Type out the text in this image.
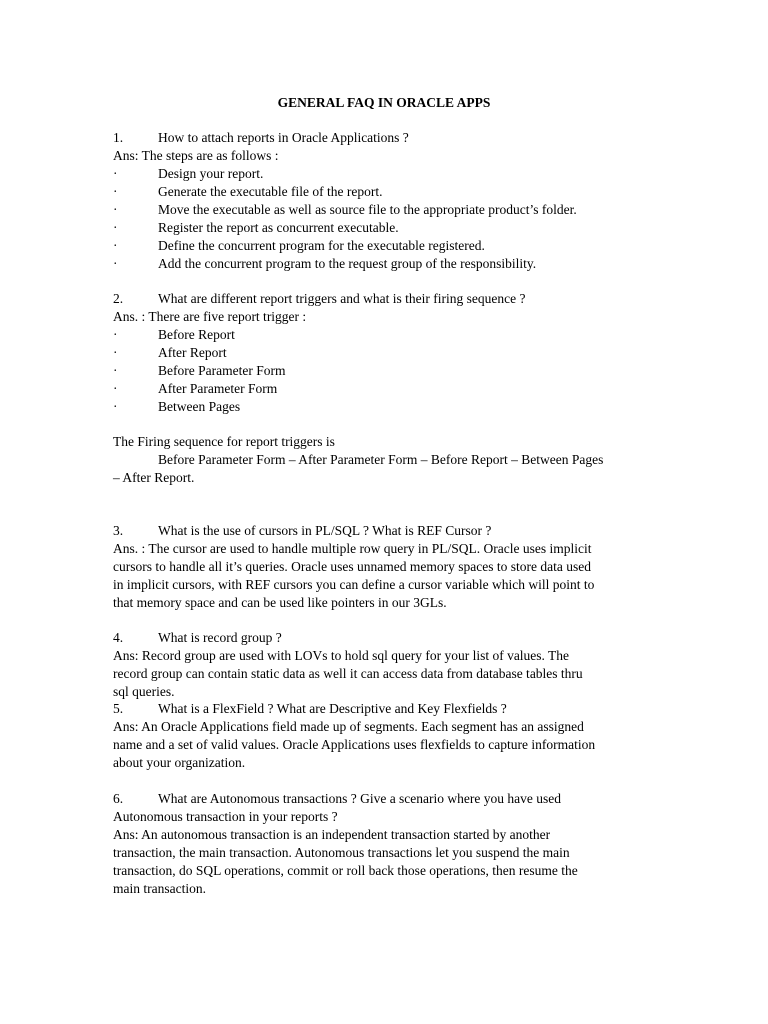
GENERAL FAQ IN ORACLE APPS
1.	How to attach reports in Oracle Applications ?
Ans: The steps are as follows :
·	Design your report.
·	Generate the executable file of the report.
·	Move the executable as well as source file to the appropriate product’s folder.
·	Register the report as concurrent executable.
·	Define the concurrent program for the executable registered.
·	Add the concurrent program to the request group of the responsibility.
2.	What are different report triggers and what is their firing sequence ?
Ans. : There are five report trigger :
·	Before Report
·	After Report
·	Before Parameter Form
·	After Parameter Form
·	Between Pages
The Firing sequence for report triggers is
Before Parameter Form – After Parameter Form – Before Report – Between Pages
– After Report.
3.	What is the use of cursors in PL/SQL ? What is REF Cursor ?
Ans. : The cursor are used to handle multiple row query in PL/SQL. Oracle uses implicit
cursors to handle all it’s queries. Oracle uses unnamed memory spaces to store data used
in implicit cursors, with REF cursors you can define a cursor variable which will point to
that memory space and can be used like pointers in our 3GLs.
4.	What is record group ?
Ans: Record group are used with LOVs to hold sql query for your list of values. The
record group can contain static data as well it can access data from database tables thru
sql queries.
5.	What is a FlexField ? What are Descriptive and Key Flexfields ?
Ans: An Oracle Applications field made up of segments. Each segment has an assigned
name and a set of valid values. Oracle Applications uses flexfields to capture information
about your organization.
6.	What are Autonomous transactions ? Give a scenario where you have used
Autonomous transaction in your reports ?
Ans: An autonomous transaction is an independent transaction started by another
transaction, the main transaction. Autonomous transactions let you suspend the main
transaction, do SQL operations, commit or roll back those operations, then resume the
main transaction.
